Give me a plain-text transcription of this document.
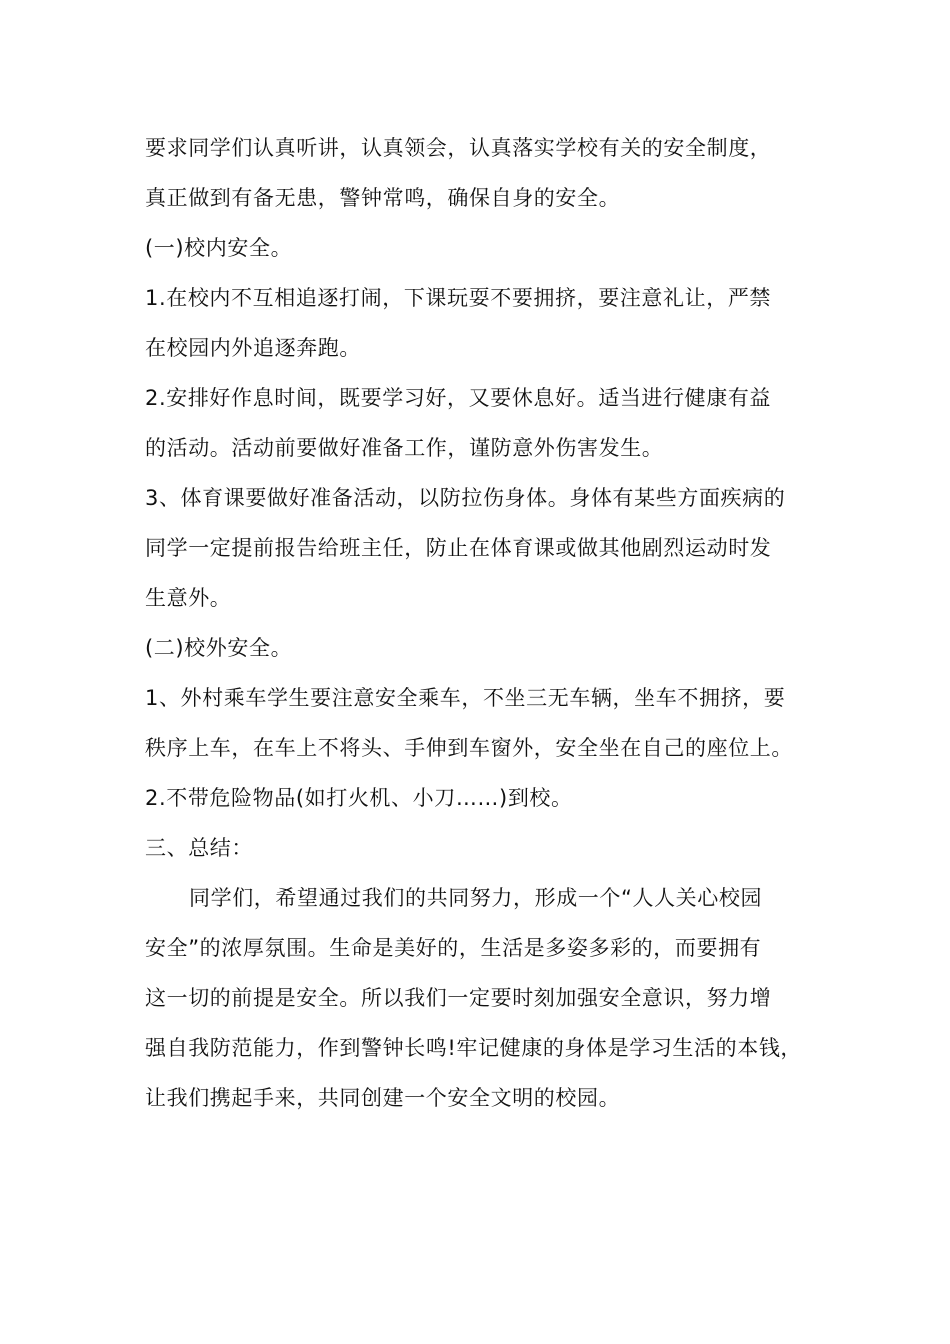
要求同学们认真听讲，认真领会，认真落实学校有关的安全制度，
真正做到有备无患，警钟常鸣，确保自身的安全。
(一)校内安全。
1.在校内不互相追逐打闹，下课玩耍不要拥挤，要注意礼让，严禁
在校园内外追逐奔跑。
2.安排好作息时间，既要学习好，又要休息好。适当进行健康有益
的活动。活动前要做好准备工作，谨防意外伤害发生。
3、体育课要做好准备活动，以防拉伤身体。身体有某些方面疾病的
同学一定提前报告给班主任，防止在体育课或做其他剧烈运动时发
生意外。
(二)校外安全。
1、外村乘车学生要注意安全乘车，不坐三无车辆，坐车不拥挤，要
秩序上车，在车上不将头、手伸到车窗外，安全坐在自己的座位上。
2.不带危险物品(如打火机、小刀……)到校。
三、总结：
同学们，希望通过我们的共同努力，形成一个“人人关心校园
安全”的浓厚氛围。生命是美好的，生活是多姿多彩的，而要拥有
这一切的前提是安全。所以我们一定要时刻加强安全意识，努力增
强自我防范能力，作到警钟长鸣!牢记健康的身体是学习生活的本钱，
让我们携起手来，共同创建一个安全文明的校园。
